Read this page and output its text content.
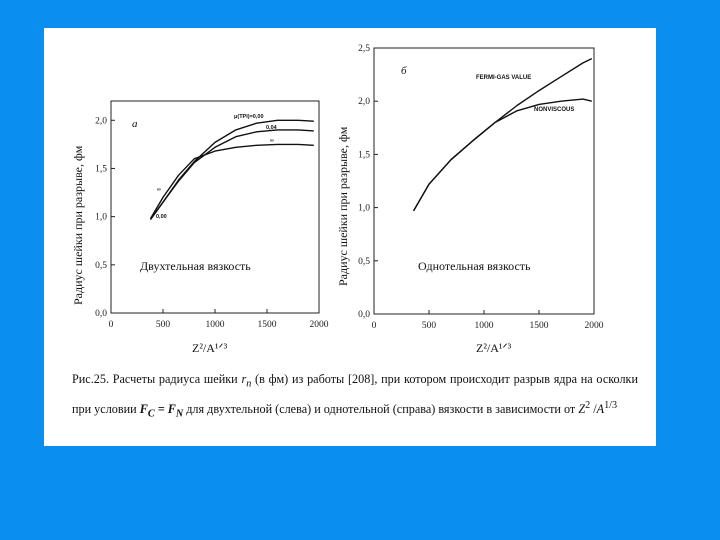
0	500	1000	1500	2000
0,0
0,5
1,0
1,5
2,0 а
Двухтельная вязкость
Радиус шейки при разрыве, фм
Z²/A¹ᐟ³
μ(TPI)=0,00
0,04
∞
∞
0,00
0	500	1000	1500	2000
0,0
0,5
1,0
1,5
2,0
2,5
б
Однотельная вязкость
Радиус шейки при разрыве, фм
Z²/A¹ᐟ³
FERMI-GAS VALUE
NONVISCOUS
Рис.25. Расчеты радиуса шейки $r_n$ (в фм) из работы [208], при котором происходит разрыв ядра на осколки при условии $F_C = F_N$ для двухтельной (слева) и однотельной (справа) вязкости в зависимости от $Z^2$ $/A^{1/3}$
